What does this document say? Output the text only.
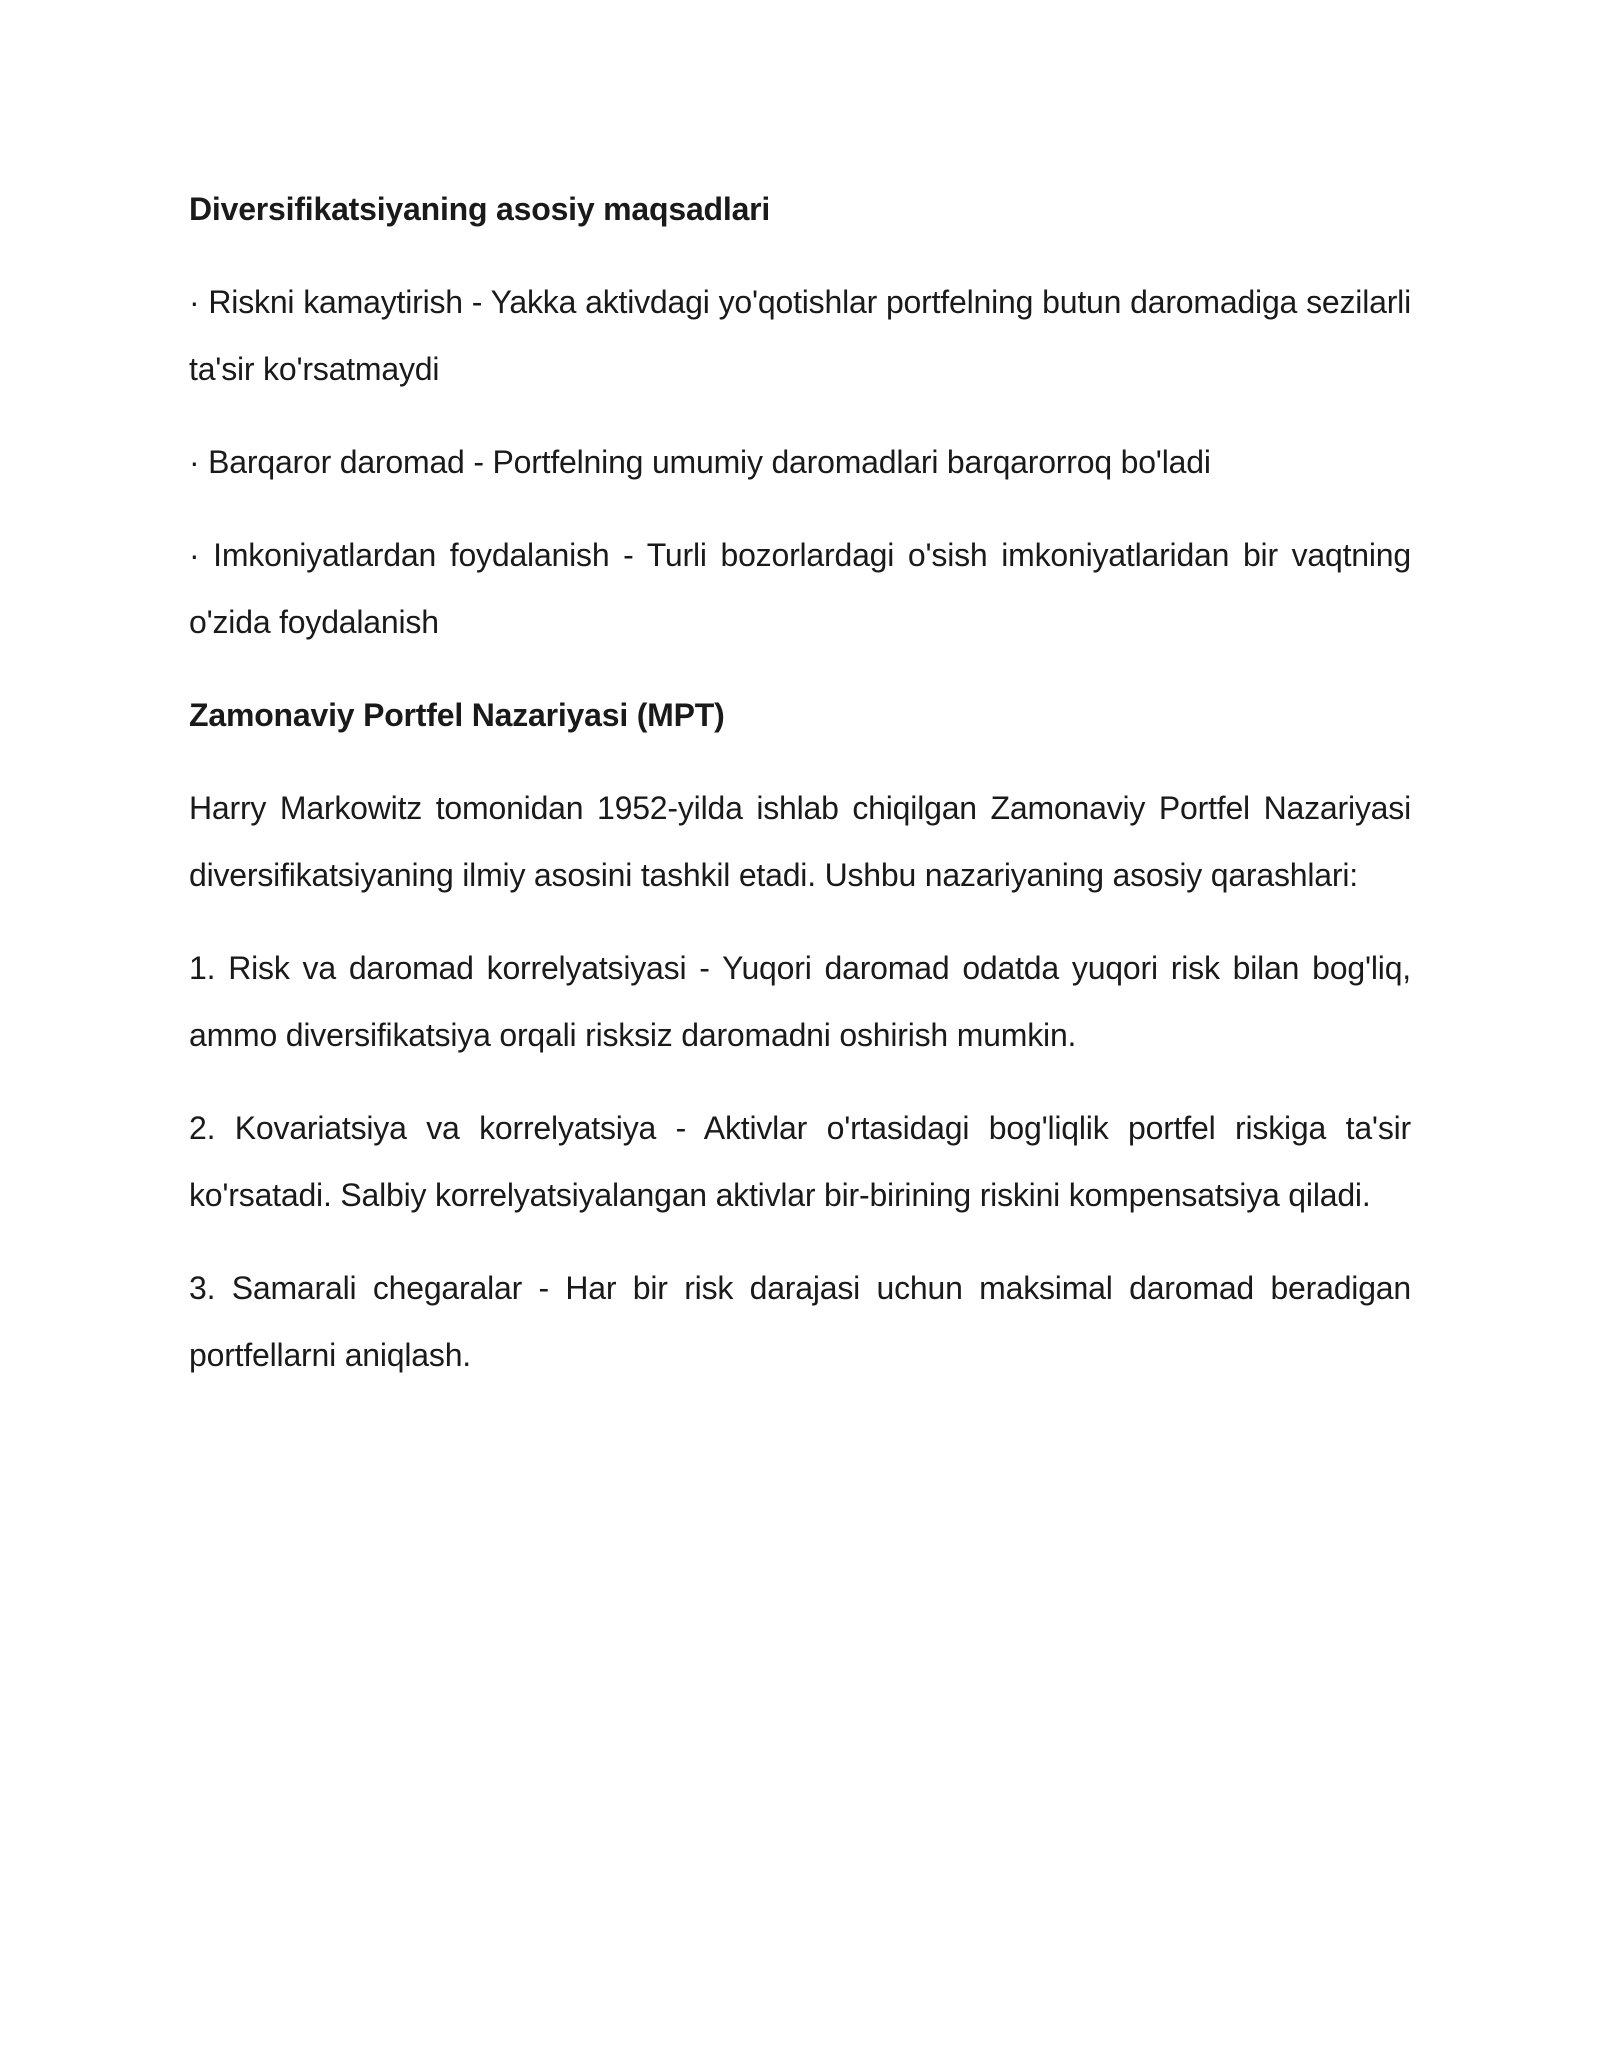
Diversifikatsiyaning asosiy maqsadlari
· Riskni kamaytirish - Yakka aktivdagi yo'qotishlar portfelning butun daromadiga sezilarli ta'sir ko'rsatmaydi
· Barqaror daromad - Portfelning umumiy daromadlari barqarorroq bo'ladi
· Imkoniyatlardan foydalanish - Turli bozorlardagi o'sish imkoniyatlaridan bir vaqtning o'zida foydalanish
Zamonaviy Portfel Nazariyasi (MPT)
Harry Markowitz tomonidan 1952-yilda ishlab chiqilgan Zamonaviy Portfel Nazariyasi diversifikatsiyaning ilmiy asosini tashkil etadi. Ushbu nazariyaning asosiy qarashlari:
1. Risk va daromad korrelyatsiyasi - Yuqori daromad odatda yuqori risk bilan bog'liq, ammo diversifikatsiya orqali risksiz daromadni oshirish mumkin.
2. Kovariatsiya va korrelyatsiya - Aktivlar o'rtasidagi bog'liqlik portfel riskiga ta'sir ko'rsatadi. Salbiy korrelyatsiyalangan aktivlar bir-birining riskini kompensatsiya qiladi.
3. Samarali chegaralar - Har bir risk darajasi uchun maksimal daromad beradigan portfellarni aniqlash.
